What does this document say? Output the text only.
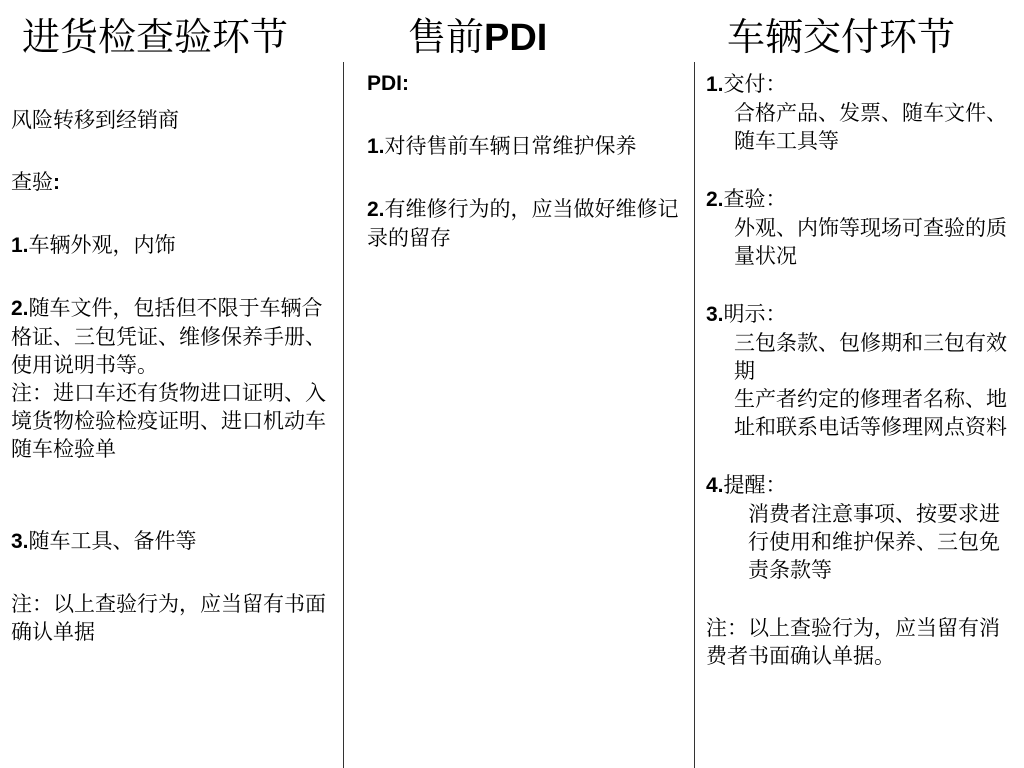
进货检查验环节	售前PDI	车辆交付环节

风险转移到经销商

查验:

1.车辆外观，内饰

2.随车文件，包括但不限于车辆合格证、三包凭证、维修保养手册、使用说明书等。

注：进口车还有货物进口证明、入境货物检验检疫证明、进口机动车随车检验单

3.随车工具、备件等

注：以上查验行为，应当留有书面确认单据

PDI:

1.对待售前车辆日常维护保养

2.有维修行为的，应当做好维修记录的留存

1.交付：

合格产品、发票、随车文件、随车工具等

2.查验：

外观、内饰等现场可查验的质量状况

3.明示：

三包条款、包修期和三包有效期

生产者约定的修理者名称、地址和联系电话等修理网点资料

4.提醒：

消费者注意事项、按要求进行使用和维护保养、三包免责条款等

注：以上查验行为，应当留有消费者书面确认单据。
